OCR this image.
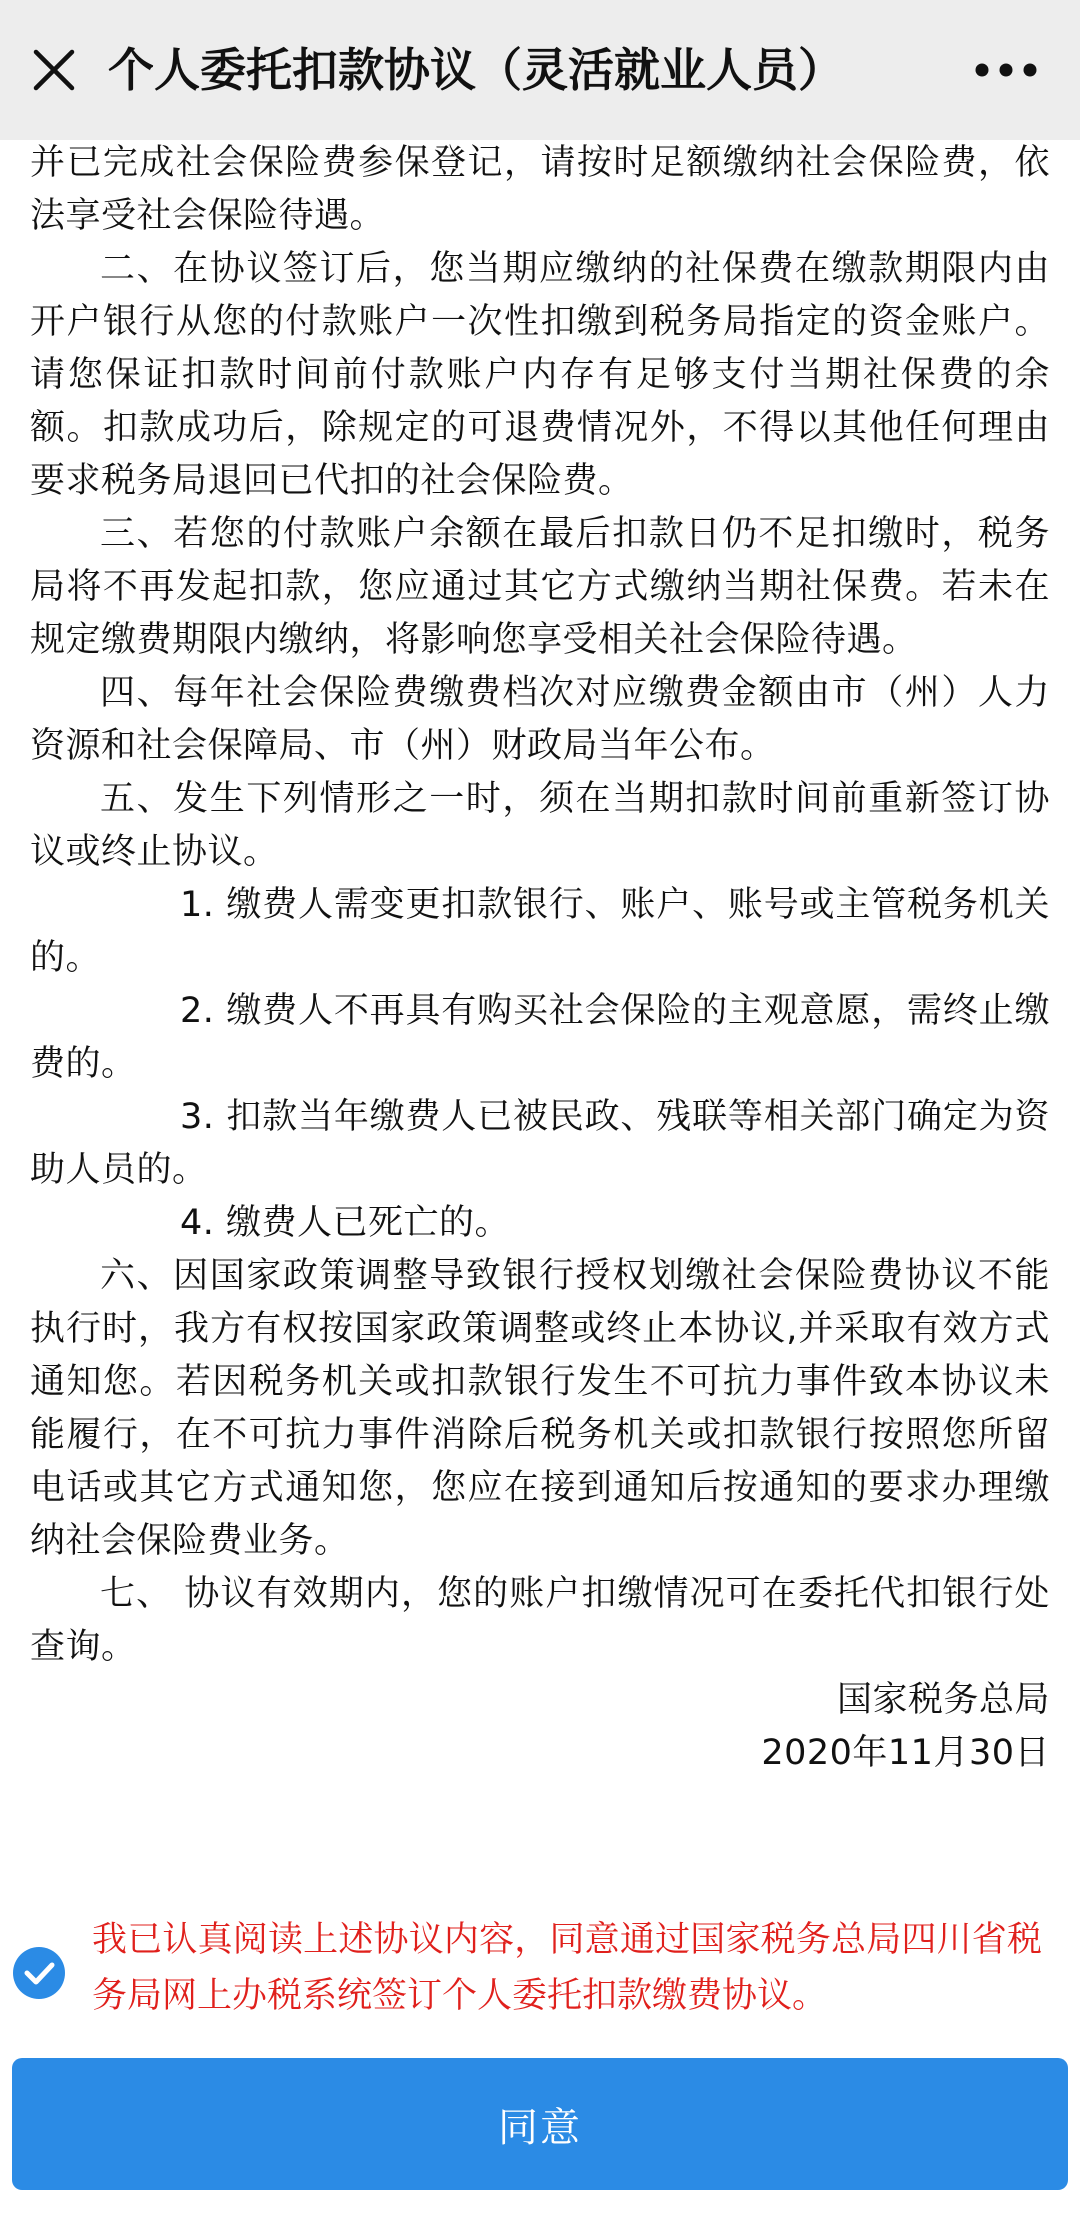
并已完成社会保险费参保登记，请按时足额缴纳社会保险费，依法享受社会保险待遇。

二、在协议签订后，您当期应缴纳的社保费在缴款期限内由开户银行从您的付款账户一次性扣缴到税务局指定的资金账户。请您保证扣款时间前付款账户内存有足够支付当期社保费的余额。扣款成功后，除规定的可退费情况外，不得以其他任何理由要求税务局退回已代扣的社会保险费。

三、若您的付款账户余额在最后扣款日仍不足扣缴时，税务局将不再发起扣款，您应通过其它方式缴纳当期社保费。若未在规定缴费期限内缴纳，将影响您享受相关社会保险待遇。

四、每年社会保险费缴费档次对应缴费金额由市（州）人力资源和社会保障局、市（州）财政局当年公布。

五、发生下列情形之一时，须在当期扣款时间前重新签订协议或终止协议。

1. 缴费人需变更扣款银行、账户、账号或主管税务机关的。

2. 缴费人不再具有购买社会保险的主观意愿，需终止缴费的。

3. 扣款当年缴费人已被民政、残联等相关部门确定为资助人员的。

4. 缴费人已死亡的。

六、因国家政策调整导致银行授权划缴社会保险费协议不能执行时，我方有权按国家政策调整或终止本协议,并采取有效方式通知您。若因税务机关或扣款银行发生不可抗力事件致本协议未能履行，在不可抗力事件消除后税务机关或扣款银行按照您所留电话或其它方式通知您，您应在接到通知后按通知的要求办理缴纳社会保险费业务。

七、 协议有效期内，您的账户扣缴情况可在委托代扣银行处查询。

国家税务总局

2020年11月30日

个人委托扣款协议（灵活就业人员）
我已认真阅读上述协议内容，同意通过国家税务总局四川省税务局网上办税系统签订个人委托扣款缴费协议。
同意
